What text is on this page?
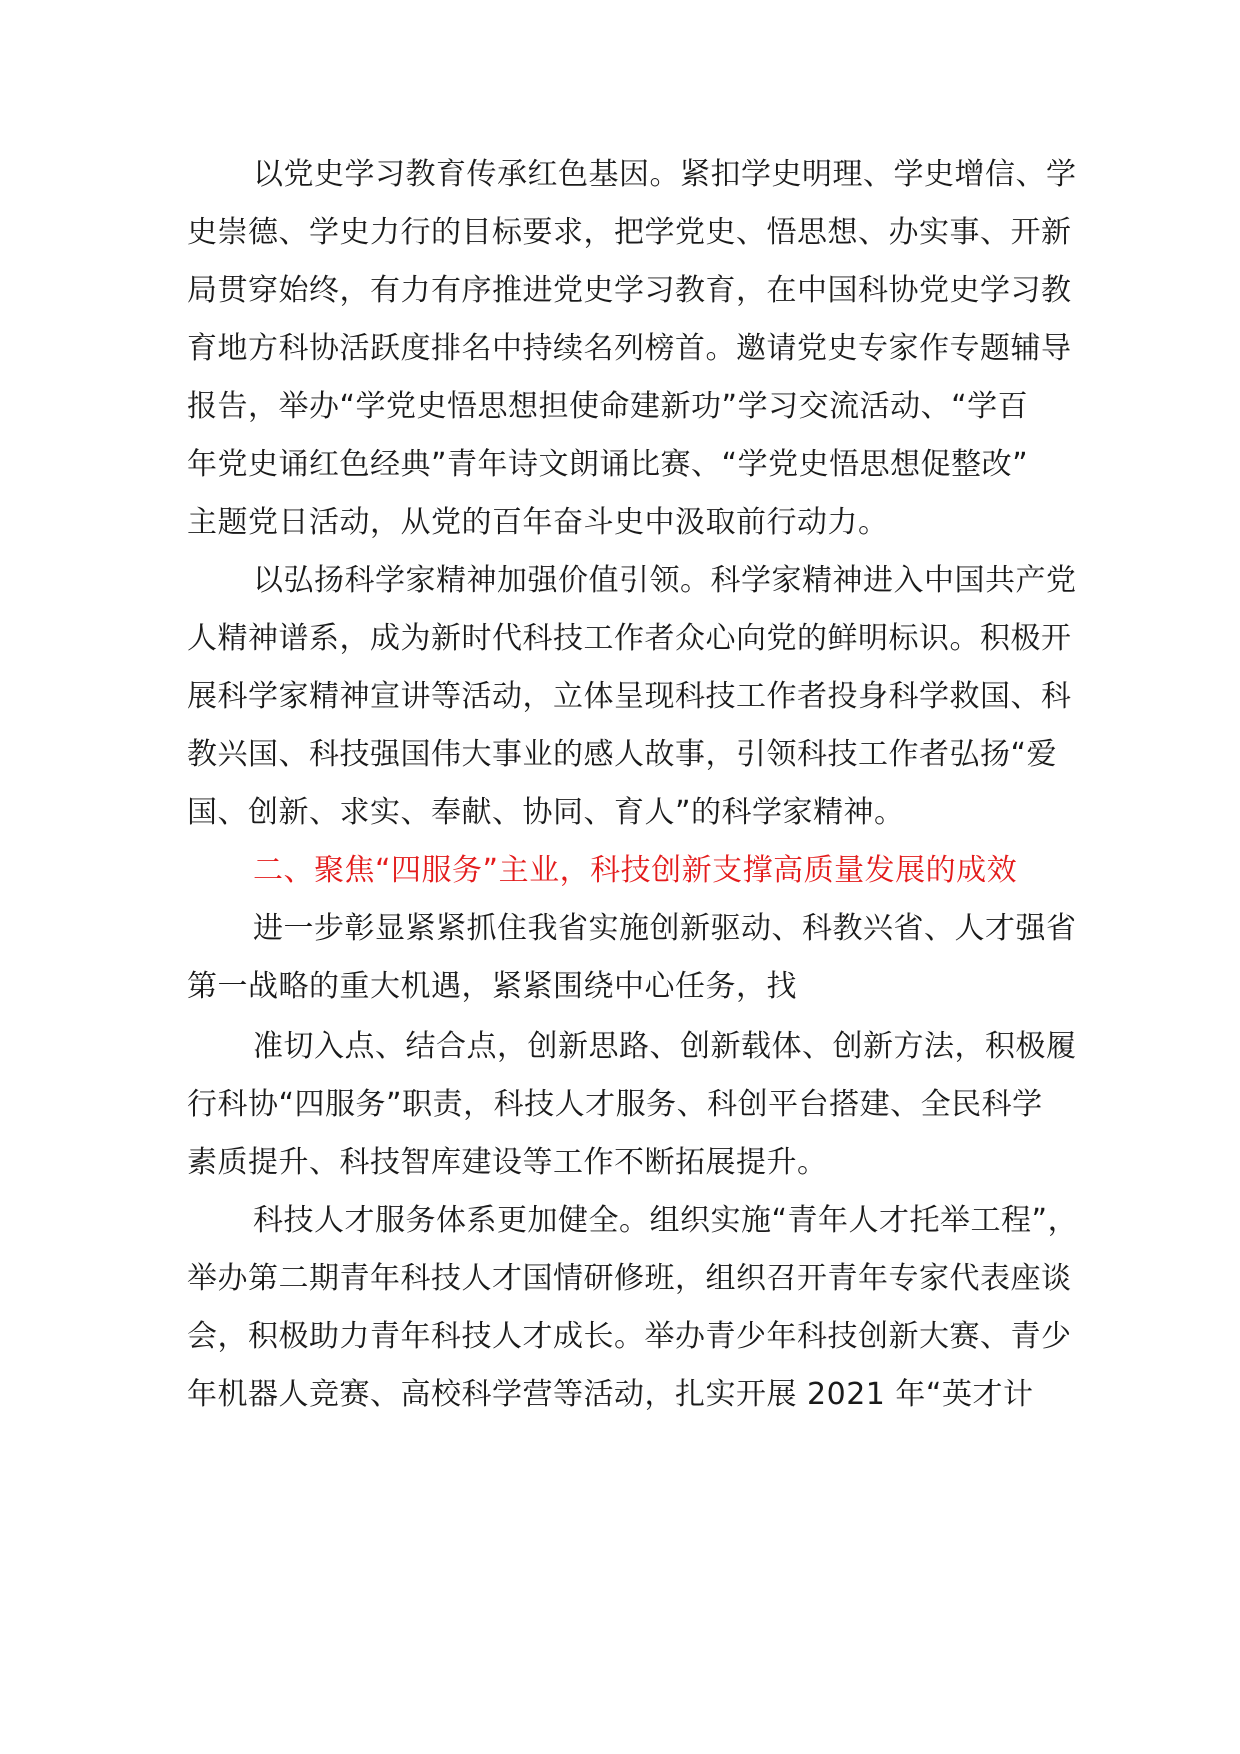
以党史学习教育传承红色基因。紧扣学史明理、学史增信、学
史崇德、学史力行的目标要求，把学党史、悟思想、办实事、开新
局贯穿始终，有力有序推进党史学习教育，在中国科协党史学习教
育地方科协活跃度排名中持续名列榜首。邀请党史专家作专题辅导
报告，举办“学党史悟思想担使命建新功”学习交流活动、“学百
年党史诵红色经典”青年诗文朗诵比赛、“学党史悟思想促整改”
主题党日活动，从党的百年奋斗史中汲取前行动力。
以弘扬科学家精神加强价值引领。科学家精神进入中国共产党
人精神谱系，成为新时代科技工作者众心向党的鲜明标识。积极开
展科学家精神宣讲等活动，立体呈现科技工作者投身科学救国、科
教兴国、科技强国伟大事业的感人故事，引领科技工作者弘扬“爱
国、创新、求实、奉献、协同、育人”的科学家精神。
二、聚焦“四服务”主业，科技创新支撑高质量发展的成效
进一步彰显紧紧抓住我省实施创新驱动、科教兴省、人才强省
第一战略的重大机遇，紧紧围绕中心任务，找
准切入点、结合点，创新思路、创新载体、创新方法，积极履
行科协“四服务”职责，科技人才服务、科创平台搭建、全民科学
素质提升、科技智库建设等工作不断拓展提升。
科技人才服务体系更加健全。组织实施“青年人才托举工程”，
举办第二期青年科技人才国情研修班，组织召开青年专家代表座谈
会，积极助力青年科技人才成长。举办青少年科技创新大赛、青少
年机器人竞赛、高校科学营等活动，扎实开展 2021 年“英才计
